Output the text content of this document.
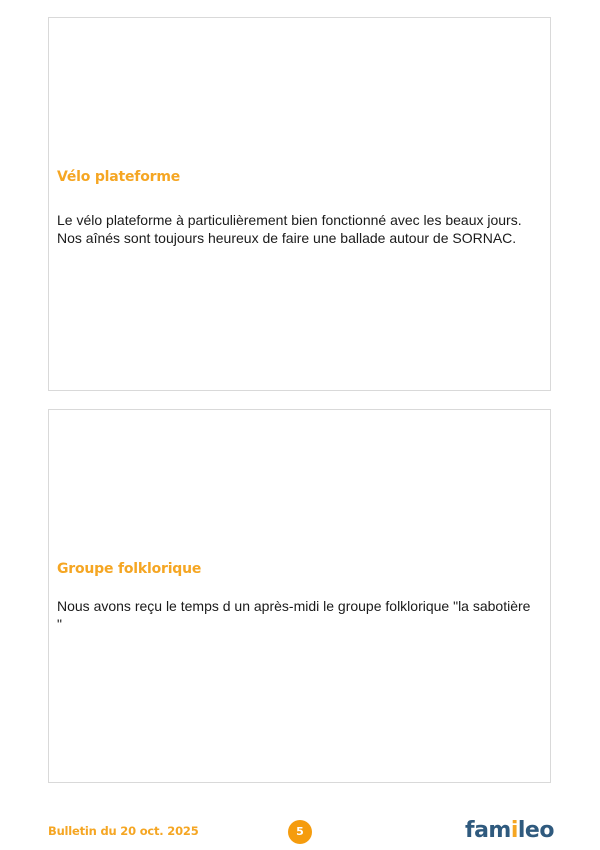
Vélo plateforme

Le vélo plateforme à particulièrement bien fonctionné avec les beaux jours. Nos aînés sont toujours heureux de faire une ballade autour de SORNAC.

Groupe folklorique

Nous avons reçu le temps d un après-midi le groupe folklorique "la sabotière "

Bulletin du 20 oct. 2025	5	famileo
